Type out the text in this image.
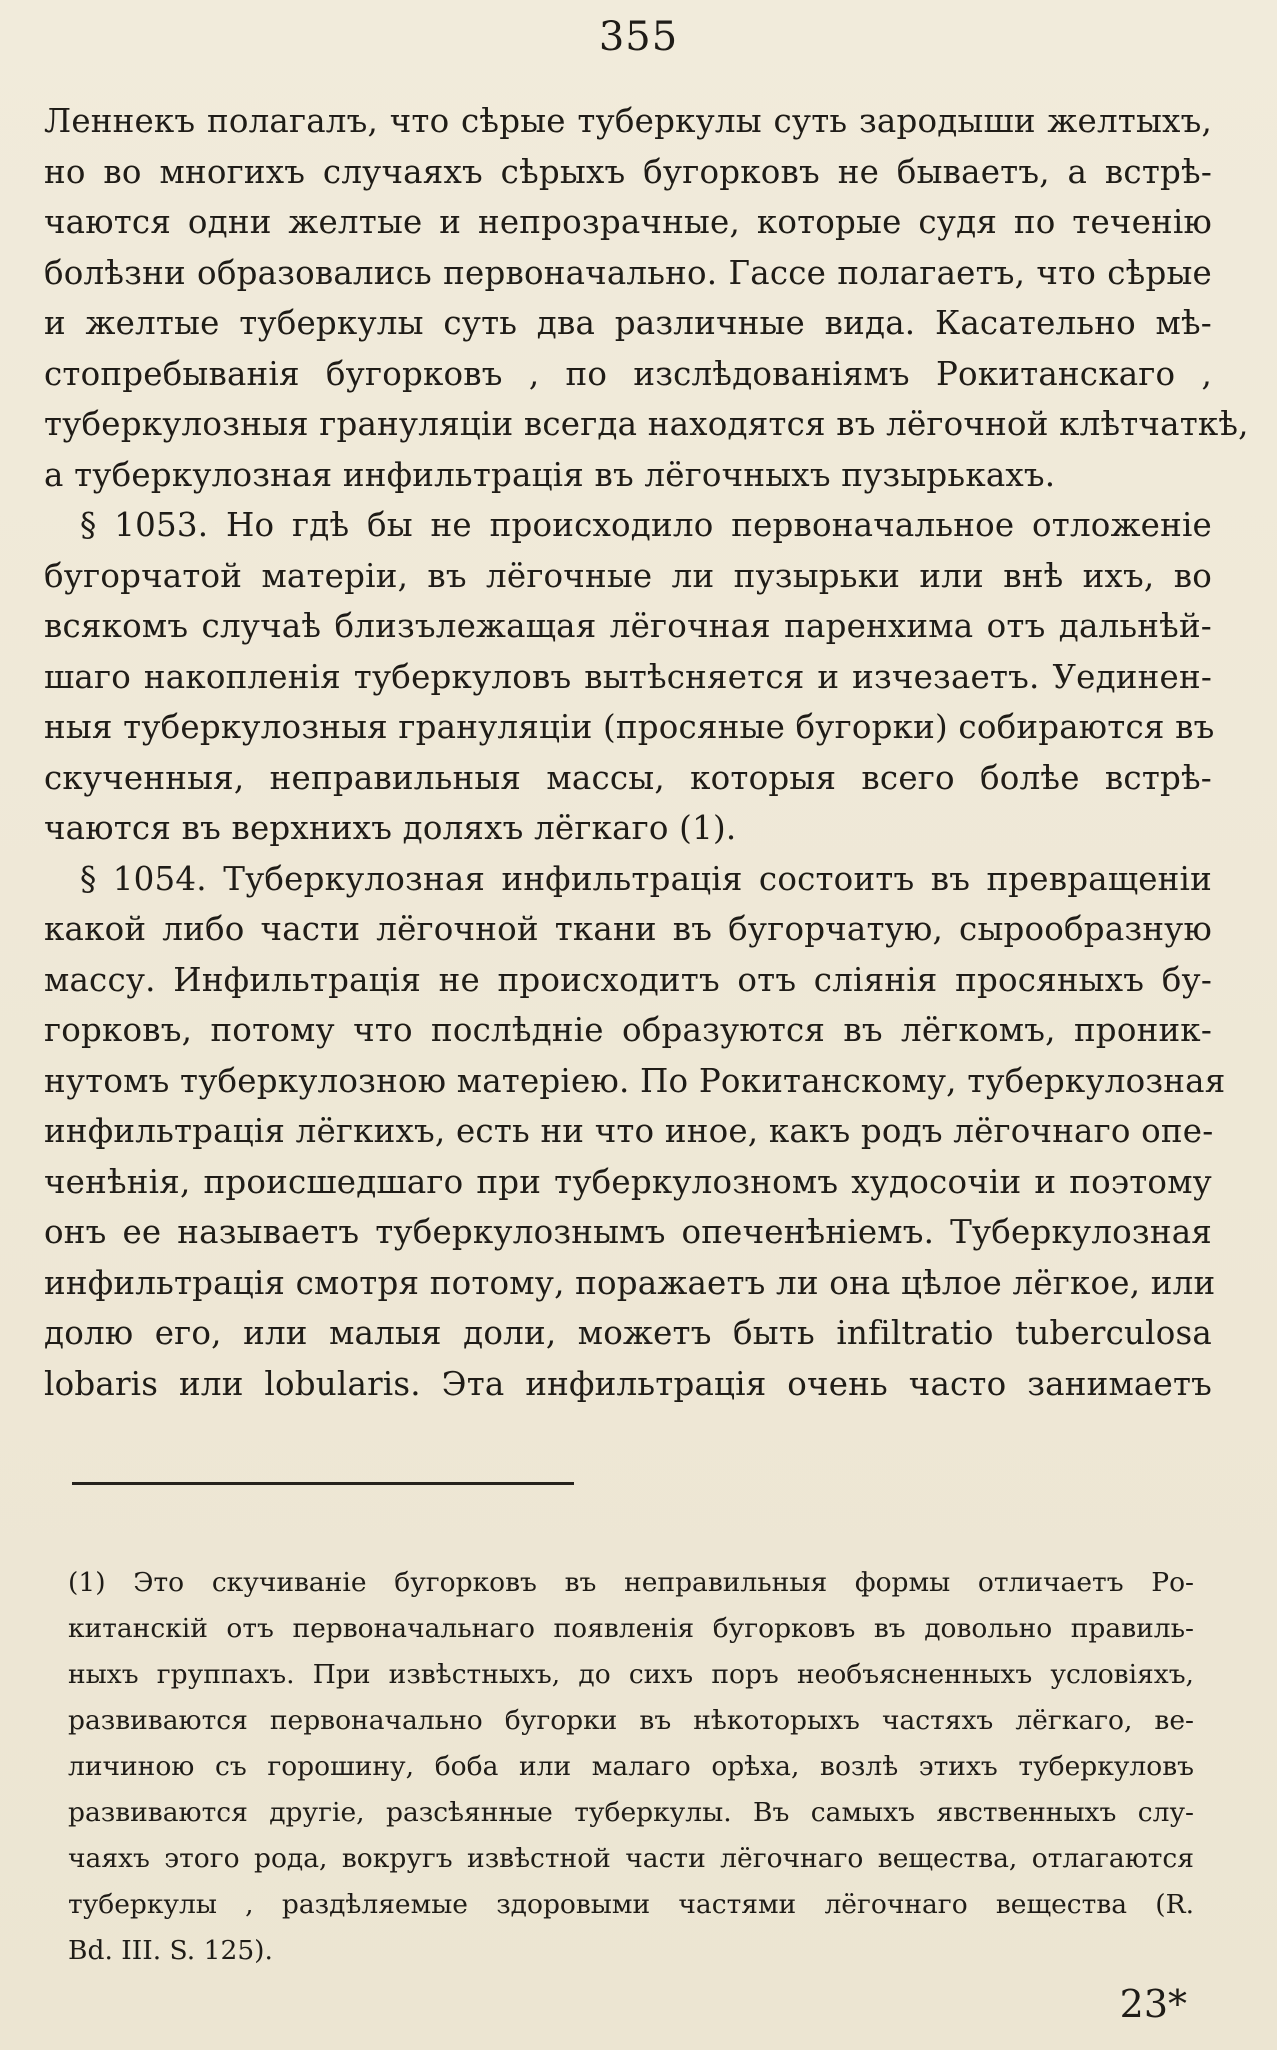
355
Леннекъ полагалъ, что сѣрые туберкулы суть зародыши желтыхъ,
но во многихъ случаяхъ сѣрыхъ бугорковъ не бываетъ, а встрѣ-
чаются одни желтые и непрозрачные, которые судя по теченію
болѣзни образовались первоначально. Гассе полагаетъ, что сѣрые
и желтые туберкулы суть два различные вида. Касательно мѣ-
стопребыванія бугорковъ , по изслѣдованіямъ Рокитанскаго ,
туберкулозныя грануляціи всегда находятся въ лёгочной клѣтчаткѣ,
а туберкулозная инфильтрація въ лёгочныхъ пузырькахъ.
§ 1053. Но гдѣ бы не происходило первоначальное отложеніе
бугорчатой матеріи, въ лёгочные ли пузырьки или внѣ ихъ, во
всякомъ случаѣ близълежащая лёгочная паренхима отъ дальнѣй-
шаго накопленія туберкуловъ вытѣсняется и изчезаетъ. Уединен-
ныя туберкулозныя грануляціи (просяные бугорки) собираются въ
скученныя, неправильныя массы, которыя всего болѣе встрѣ-
чаются въ верхнихъ доляхъ лёгкаго (1).
§ 1054. Туберкулозная инфильтрація состоитъ въ превращеніи
какой либо части лёгочной ткани въ бугорчатую, сырообразную
массу. Инфильтрація не происходитъ отъ слiянія просяныхъ бу-
горковъ, потому что послѣдніе образуются въ лёгкомъ, проник-
нутомъ туберкулозною матеріею. По Рокитанскому, туберкулозная
инфильтрація лёгкихъ, есть ни что иное, какъ родъ лёгочнаго опе-
ченѣнія, происшедшаго при туберкулозномъ худосочіи и поэтому
онъ ее называетъ туберкулознымъ опеченѣніемъ. Туберкулозная
инфильтрація смотря потому, поражаетъ ли она цѣлое лёгкое, или
долю его, или малыя доли, можетъ быть infiltratio tuberculosa
lobaris или lobularis. Эта инфильтрація очень часто занимаетъ
(1) Это скучиваніе бугорковъ въ неправильныя формы отличаетъ Ро-
китанскій отъ первоначальнаго появленія бугорковъ въ довольно правиль-
ныхъ группахъ. При извѣстныхъ, до сихъ поръ необъясненныхъ условіяхъ,
развиваются первоначально бугорки въ нѣкоторыхъ частяхъ лёгкаго, ве-
личиною съ горошину, боба или малаго орѣха, возлѣ этихъ туберкуловъ
развиваются другіе, разсѣянные туберкулы. Въ самыхъ явственныхъ слу-
чаяхъ этого рода, вокругъ извѣстной части лёгочнаго вещества, отлагаются
туберкулы , раздѣляемые здоровыми частями лёгочнаго вещества (R.
Bd. III. S. 125).
23*
